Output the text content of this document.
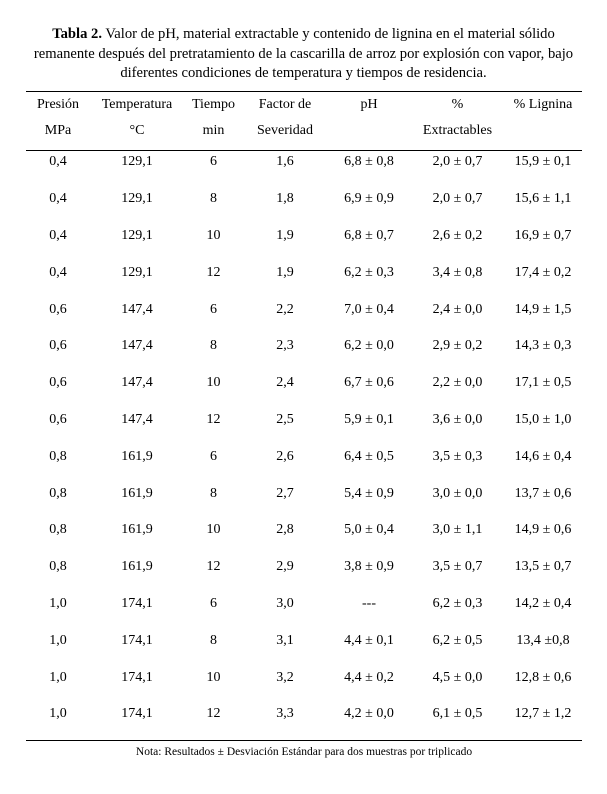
Tabla 2. Valor de pH, material extractable y contenido de lignina en el material sólido remanente después del pretratamiento de la cascarilla de arroz por explosión con vapor, bajo diferentes condiciones de temperatura y tiempos de residencia.
Presión	Temperatura	Tiempo	Factor de	pH	%	% Lignina
MPa	°C	min	Severidad		Extractables	
0,4	129,1	6	1,6	6,8 ± 0,8	2,0 ± 0,7	15,9 ± 0,1
0,4	129,1	8	1,8	6,9 ± 0,9	2,0 ± 0,7	15,6 ± 1,1
0,4	129,1	10	1,9	6,8 ± 0,7	2,6 ± 0,2	16,9 ± 0,7
0,4	129,1	12	1,9	6,2 ± 0,3	3,4 ± 0,8	17,4 ± 0,2
0,6	147,4	6	2,2	7,0 ± 0,4	2,4 ± 0,0	14,9 ± 1,5
0,6	147,4	8	2,3	6,2 ± 0,0	2,9 ± 0,2	14,3 ± 0,3
0,6	147,4	10	2,4	6,7 ± 0,6	2,2 ± 0,0	17,1 ± 0,5
0,6	147,4	12	2,5	5,9 ± 0,1	3,6 ± 0,0	15,0 ± 1,0
0,8	161,9	6	2,6	6,4 ± 0,5	3,5 ± 0,3	14,6 ± 0,4
0,8	161,9	8	2,7	5,4 ± 0,9	3,0 ± 0,0	13,7 ± 0,6
0,8	161,9	10	2,8	5,0 ± 0,4	3,0 ± 1,1	14,9 ± 0,6
0,8	161,9	12	2,9	3,8 ± 0,9	3,5 ± 0,7	13,5 ± 0,7
1,0	174,1	6	3,0	---	6,2 ± 0,3	14,2 ± 0,4
1,0	174,1	8	3,1	4,4 ± 0,1	6,2 ± 0,5	13,4 ±0,8
1,0	174,1	10	3,2	4,4 ± 0,2	4,5 ± 0,0	12,8 ± 0,6
1,0	174,1	12	3,3	4,2 ± 0,0	6,1 ± 0,5	12,7 ± 1,2
Nota: Resultados ± Desviación Estándar para dos muestras por triplicado
